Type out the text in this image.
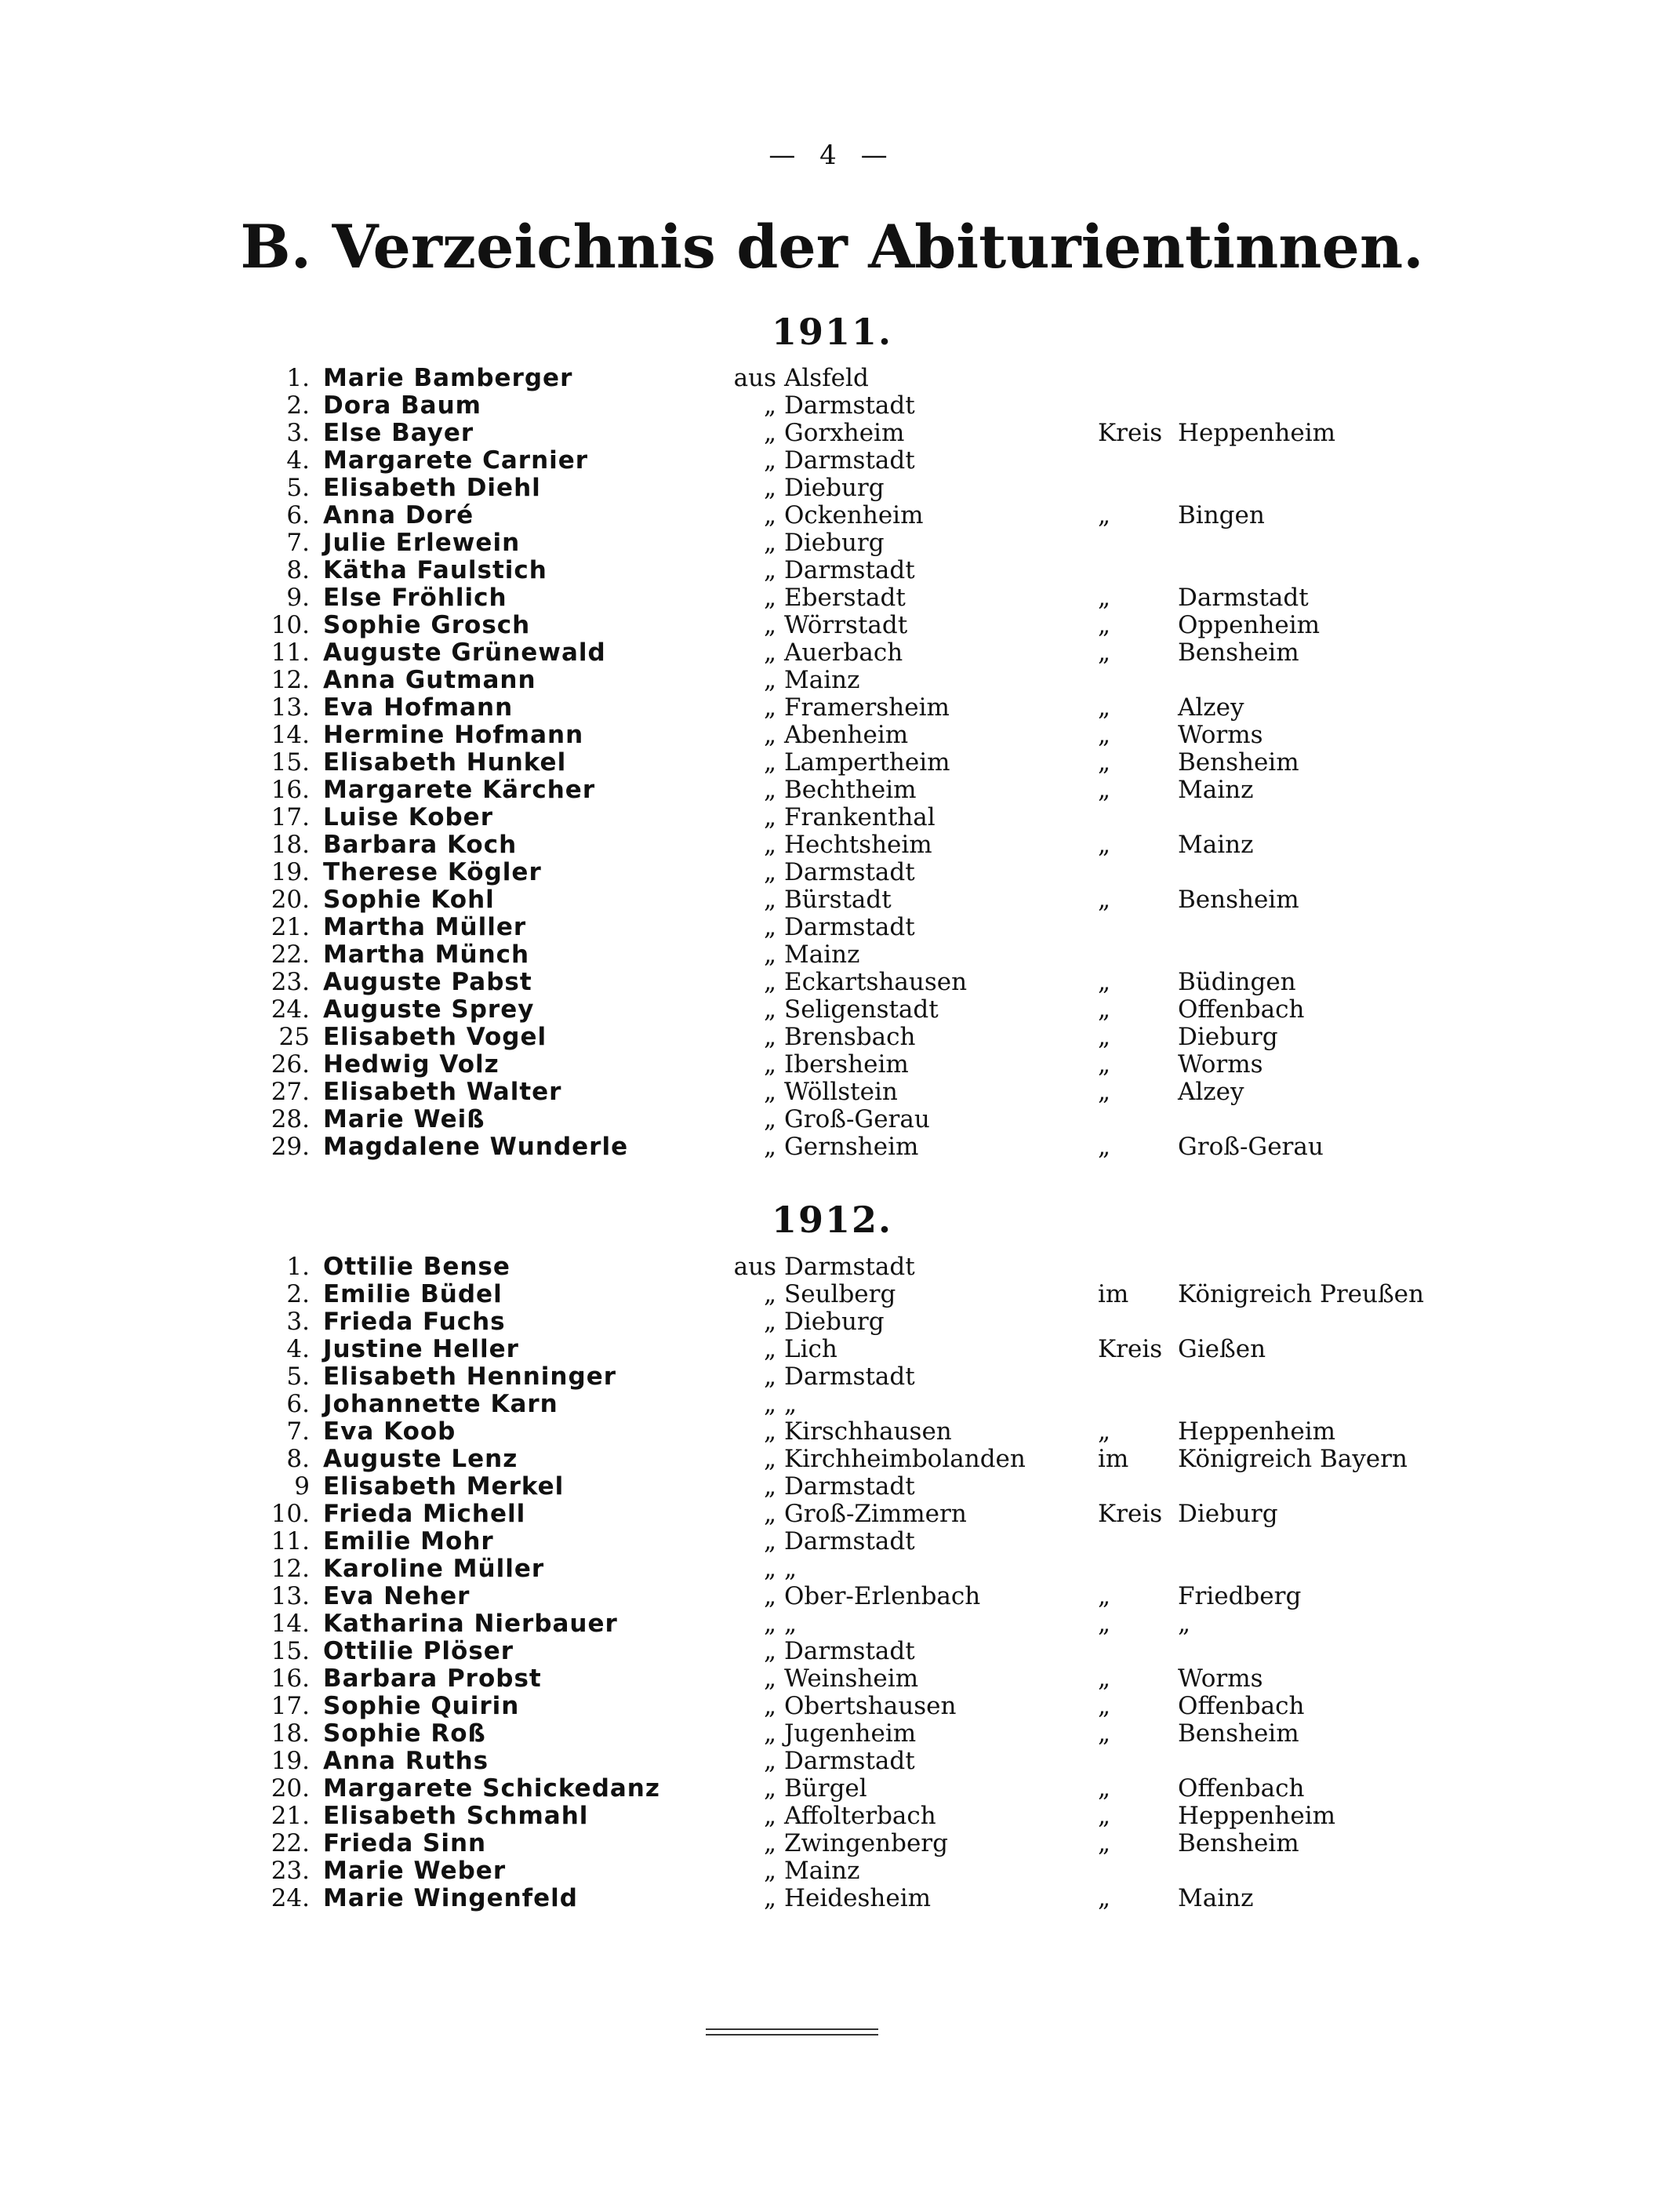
— 4 —
B. Verzeichnis der Abiturientinnen.
1911.
1. Marie Bamberger	aus Alsfeld
2. Dora Baum	„ Darmstadt
3. Else Bayer	„ Gorxheim	Kreis Heppenheim
4. Margarete Carnier	„ Darmstadt
5. Elisabeth Diehl	„ Dieburg
6. Anna Doré	„ Ockenheim	„	Bingen
7. Julie Erlewein	„ Dieburg
8. Kätha Faulstich	„ Darmstadt
9. Else Fröhlich	„ Eberstadt	„	Darmstadt
10. Sophie Grosch	„ Wörrstadt	„	Oppenheim
11. Auguste Grünewald	„ Auerbach	„	Bensheim
12. Anna Gutmann	„ Mainz
13. Eva Hofmann	„ Framersheim	„	Alzey
14. Hermine Hofmann	„ Abenheim	„	Worms
15. Elisabeth Hunkel	„ Lampertheim	„	Bensheim
16. Margarete Kärcher	„ Bechtheim	„	Mainz
17. Luise Kober	„ Frankenthal
18. Barbara Koch	„ Hechtsheim	„	Mainz
19. Therese Kögler	„ Darmstadt
20. Sophie Kohl	„ Bürstadt	„	Bensheim
21. Martha Müller	„ Darmstadt
22. Martha Münch	„ Mainz
23. Auguste Pabst	„ Eckartshausen	„	Büdingen
24. Auguste Sprey	„ Seligenstadt	„	Offenbach
25 Elisabeth Vogel	„ Brensbach	„	Dieburg
26. Hedwig Volz	„ Ibersheim	„	Worms
27. Elisabeth Walter	„ Wöllstein	„	Alzey
28. Marie Weiß	„ Groß-Gerau
29. Magdalene Wunderle	„ Gernsheim	„	Groß-Gerau
1912.
1. Ottilie Bense	aus Darmstadt
2. Emilie Büdel	„ Seulberg	im Königreich Preußen
3. Frieda Fuchs	„ Dieburg
4. Justine Heller	„ Lich	Kreis Gießen
5. Elisabeth Henninger	„ Darmstadt
6. Johannette Karn	„ „
7. Eva Koob	„ Kirschhausen	„	Heppenheim
8. Auguste Lenz	„ Kirchheimbolanden	im Königreich Bayern
9 Elisabeth Merkel	„ Darmstadt
10. Frieda Michell	„ Groß-Zimmern	Kreis Dieburg
11. Emilie Mohr	„ Darmstadt
12. Karoline Müller	„ „
13. Eva Neher	„ Ober-Erlenbach	„	Friedberg
14. Katharina Nierbauer	„ „	„	„
15. Ottilie Plöser	„ Darmstadt
16. Barbara Probst	„ Weinsheim	„	Worms
17. Sophie Quirin	„ Obertshausen	„	Offenbach
18. Sophie Roß	„ Jugenheim	„	Bensheim
19. Anna Ruths	„ Darmstadt
20. Margarete Schickedanz	„ Bürgel	„	Offenbach
21. Elisabeth Schmahl	„ Affolterbach	„	Heppenheim
22. Frieda Sinn	„ Zwingenberg	„	Bensheim
23. Marie Weber	„ Mainz
24. Marie Wingenfeld	„ Heidesheim	„	Mainz
